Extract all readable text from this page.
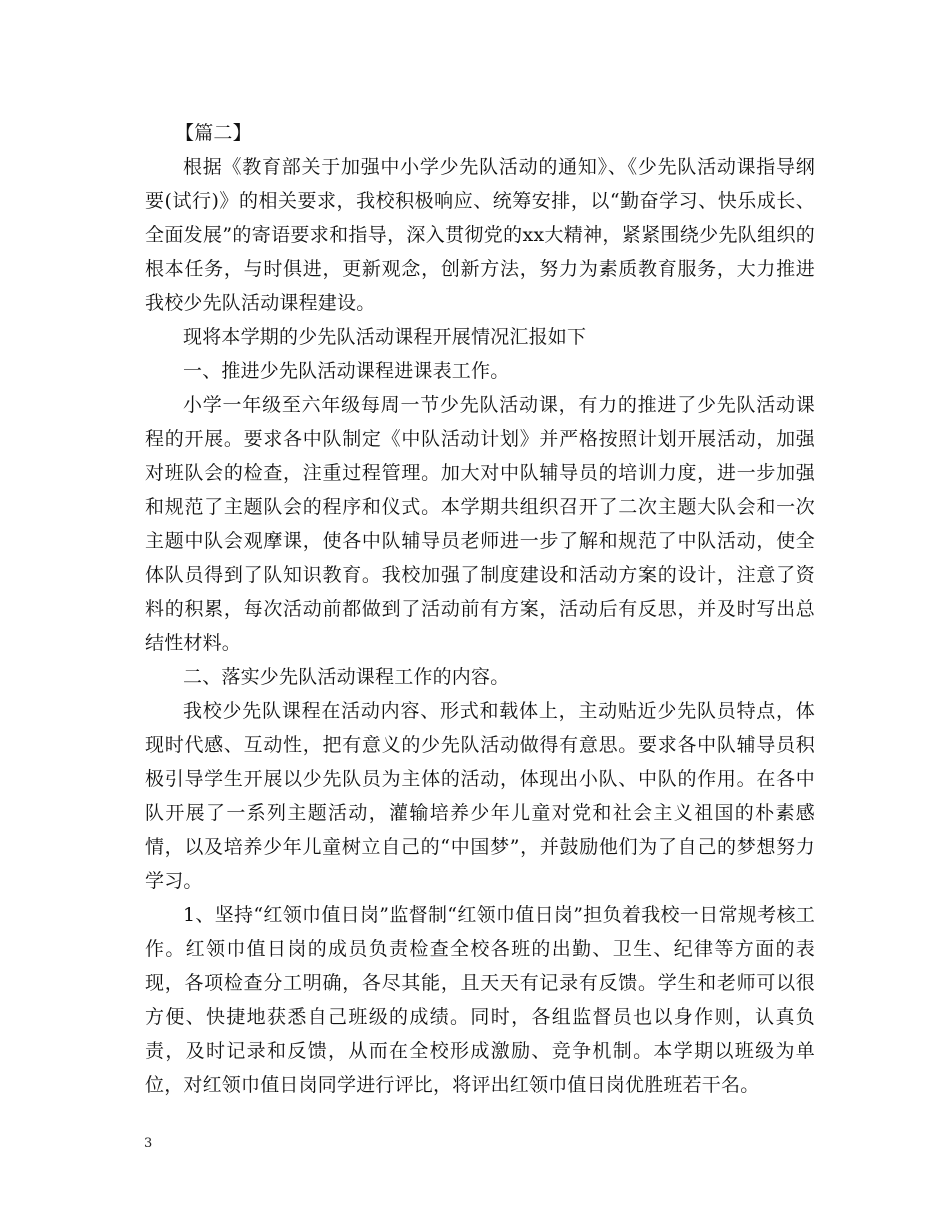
【篇二】

根据《教育部关于加强中小学少先队活动的通知》、《少先队活动课指导纲要(试行)》的相关要求，我校积极响应、统筹安排，以“勤奋学习、快乐成长、全面发展”的寄语要求和指导，深入贯彻党的xx大精神，紧紧围绕少先队组织的根本任务，与时俱进，更新观念，创新方法，努力为素质教育服务，大力推进我校少先队活动课程建设。

现将本学期的少先队活动课程开展情况汇报如下

一、推进少先队活动课程进课表工作。

小学一年级至六年级每周一节少先队活动课，有力的推进了少先队活动课程的开展。要求各中队制定《中队活动计划》并严格按照计划开展活动，加强对班队会的检查，注重过程管理。加大对中队辅导员的培训力度，进一步加强和规范了主题队会的程序和仪式。本学期共组织召开了二次主题大队会和一次主题中队会观摩课，使各中队辅导员老师进一步了解和规范了中队活动，使全体队员得到了队知识教育。我校加强了制度建设和活动方案的设计，注意了资料的积累，每次活动前都做到了活动前有方案，活动后有反思，并及时写出总结性材料。

二、落实少先队活动课程工作的内容。

我校少先队课程在活动内容、形式和载体上，主动贴近少先队员特点，体现时代感、互动性，把有意义的少先队活动做得有意思。要求各中队辅导员积极引导学生开展以少先队员为主体的活动，体现出小队、中队的作用。在各中队开展了一系列主题活动，灌输培养少年儿童对党和社会主义祖国的朴素感情，以及培养少年儿童树立自己的“中国梦”，并鼓励他们为了自己的梦想努力学习。

1、坚持“红领巾值日岗”监督制“红领巾值日岗”担负着我校一日常规考核工作。红领巾值日岗的成员负责检查全校各班的出勤、卫生、纪律等方面的表现，各项检查分工明确，各尽其能，且天天有记录有反馈。学生和老师可以很方便、快捷地获悉自己班级的成绩。同时，各组监督员也以身作则，认真负责，及时记录和反馈，从而在全校形成激励、竞争机制。本学期以班级为单位，对红领巾值日岗同学进行评比，将评出红领巾值日岗优胜班若干名。

3
